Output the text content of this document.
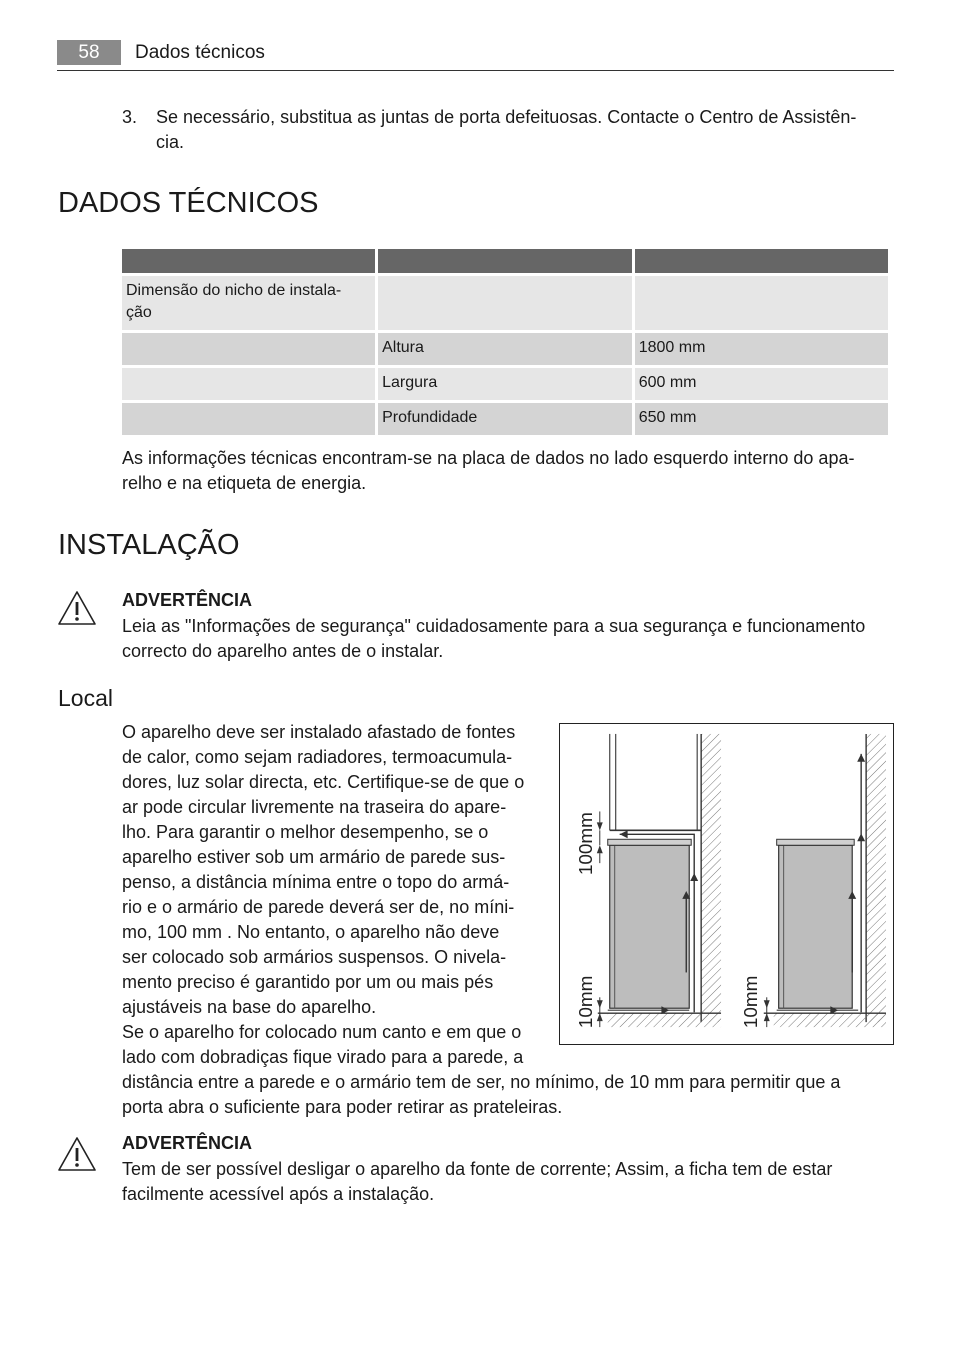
58	Dados técnicos
3. Se necessário, substitua as juntas de porta defeituosas. Contacte o Centro de Assistên-
cia.
DADOS TÉCNICOS

Dimensão do nicho de instala-
ção		
	Altura	1800 mm
	Largura	600 mm
	Profundidade	650 mm
As informações técnicas encontram-se na placa de dados no lado esquerdo interno do apa-
relho e na etiqueta de energia.
INSTALAÇÃO
ADVERTÊNCIA
Leia as "Informações de segurança" cuidadosamente para a sua segurança e funcionamento
correcto do aparelho antes de o instalar.
Local
O aparelho deve ser instalado afastado de fontes
de calor, como sejam radiadores, termoacumula-
dores, luz solar directa, etc. Certifique-se de que o
ar pode circular livremente na traseira do apare-
lho. Para garantir o melhor desempenho, se o
aparelho estiver sob um armário de parede sus-
penso, a distância mínima entre o topo do armá-
rio e o armário de parede deverá ser de, no míni-
mo, 100 mm . No entanto, o aparelho não deve
ser colocado sob armários suspensos. O nivela-
mento preciso é garantido por um ou mais pés
ajustáveis na base do aparelho.
Se o aparelho for colocado num canto e em que o
lado com dobradiças fique virado para a parede, a
100mm
10mm	10mm
distância entre a parede e o armário tem de ser, no mínimo, de 10 mm para permitir que a
porta abra o suficiente para poder retirar as prateleiras.
ADVERTÊNCIA
Tem de ser possível desligar o aparelho da fonte de corrente; Assim, a ficha tem de estar
facilmente acessível após a instalação.
